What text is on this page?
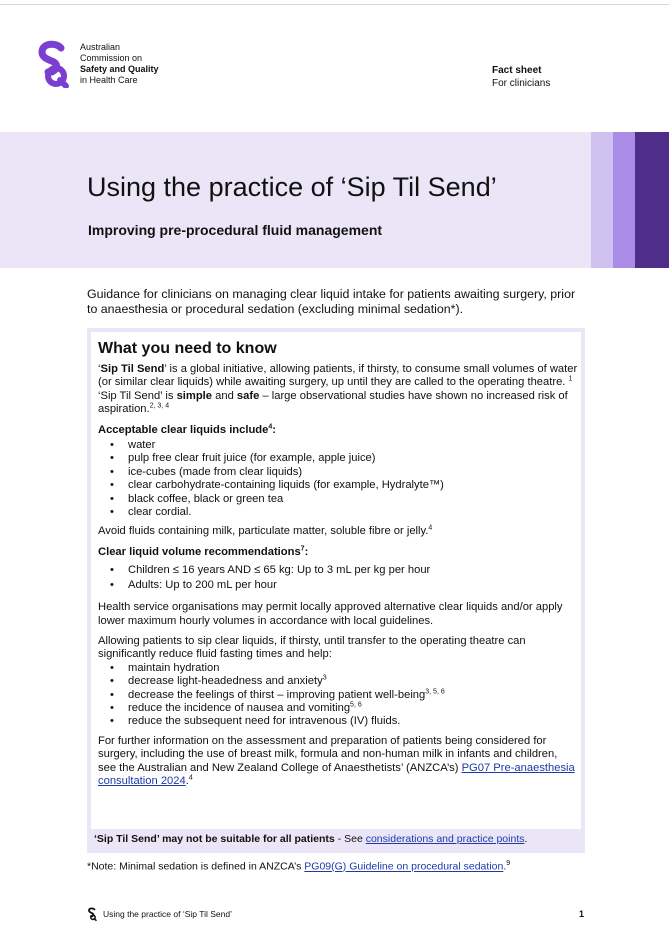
Australian
Commission on
Safety and Quality
in Health Care
Fact sheet
For clinicians
Using the practice of ‘Sip Til Send’
Improving pre-procedural fluid management
Guidance for clinicians on managing clear liquid intake for patients awaiting surgery, prior to anaesthesia or procedural sedation (excluding minimal sedation*).
What you need to know

‘Sip Til Send’ is a global initiative, allowing patients, if thirsty, to consume small volumes of water (or similar clear liquids) while awaiting surgery, up until they are called to the operating theatre. $^1$ ‘Sip Til Send’ is simple and safe – large observational studies have shown no increased risk of aspiration.$^{2, 3, 4}$

Acceptable clear liquids include$^4$:

• water
• pulp free clear fruit juice (for example, apple juice)
• ice-cubes (made from clear liquids)
• clear carbohydrate-containing liquids (for example, Hydralyte™)
• black coffee, black or green tea
• clear cordial.

Avoid fluids containing milk, particulate matter, soluble fibre or jelly.$^4$

Clear liquid volume recommendations$^7$:

• Children ≤ 16 years AND ≤ 65 kg: Up to 3 mL per kg per hour
• Adults: Up to 200 mL per hour

Health service organisations may permit locally approved alternative clear liquids and/or apply lower maximum hourly volumes in accordance with local guidelines.

Allowing patients to sip clear liquids, if thirsty, until transfer to the operating theatre can significantly reduce fluid fasting times and help:

• maintain hydration
• decrease light-headedness and anxiety$^3$
• decrease the feelings of thirst – improving patient well-being$^{3, 5, 6}$
• reduce the incidence of nausea and vomiting$^{5, 6}$
• reduce the subsequent need for intravenous (IV) fluids.

For further information on the assessment and preparation of patients being considered for surgery, including the use of breast milk, formula and non-human milk in infants and children, see the Australian and New Zealand College of Anaesthetists’ (ANZCA’s) PG07 Pre-anaesthesia consultation 2024.$^4$

‘Sip Til Send’ may not be suitable for all patients - See considerations and practice points.
*Note: Minimal sedation is defined in ANZCA’s PG09(G) Guideline on procedural sedation.$^9$
Using the practice of ‘Sip Til Send’	1
